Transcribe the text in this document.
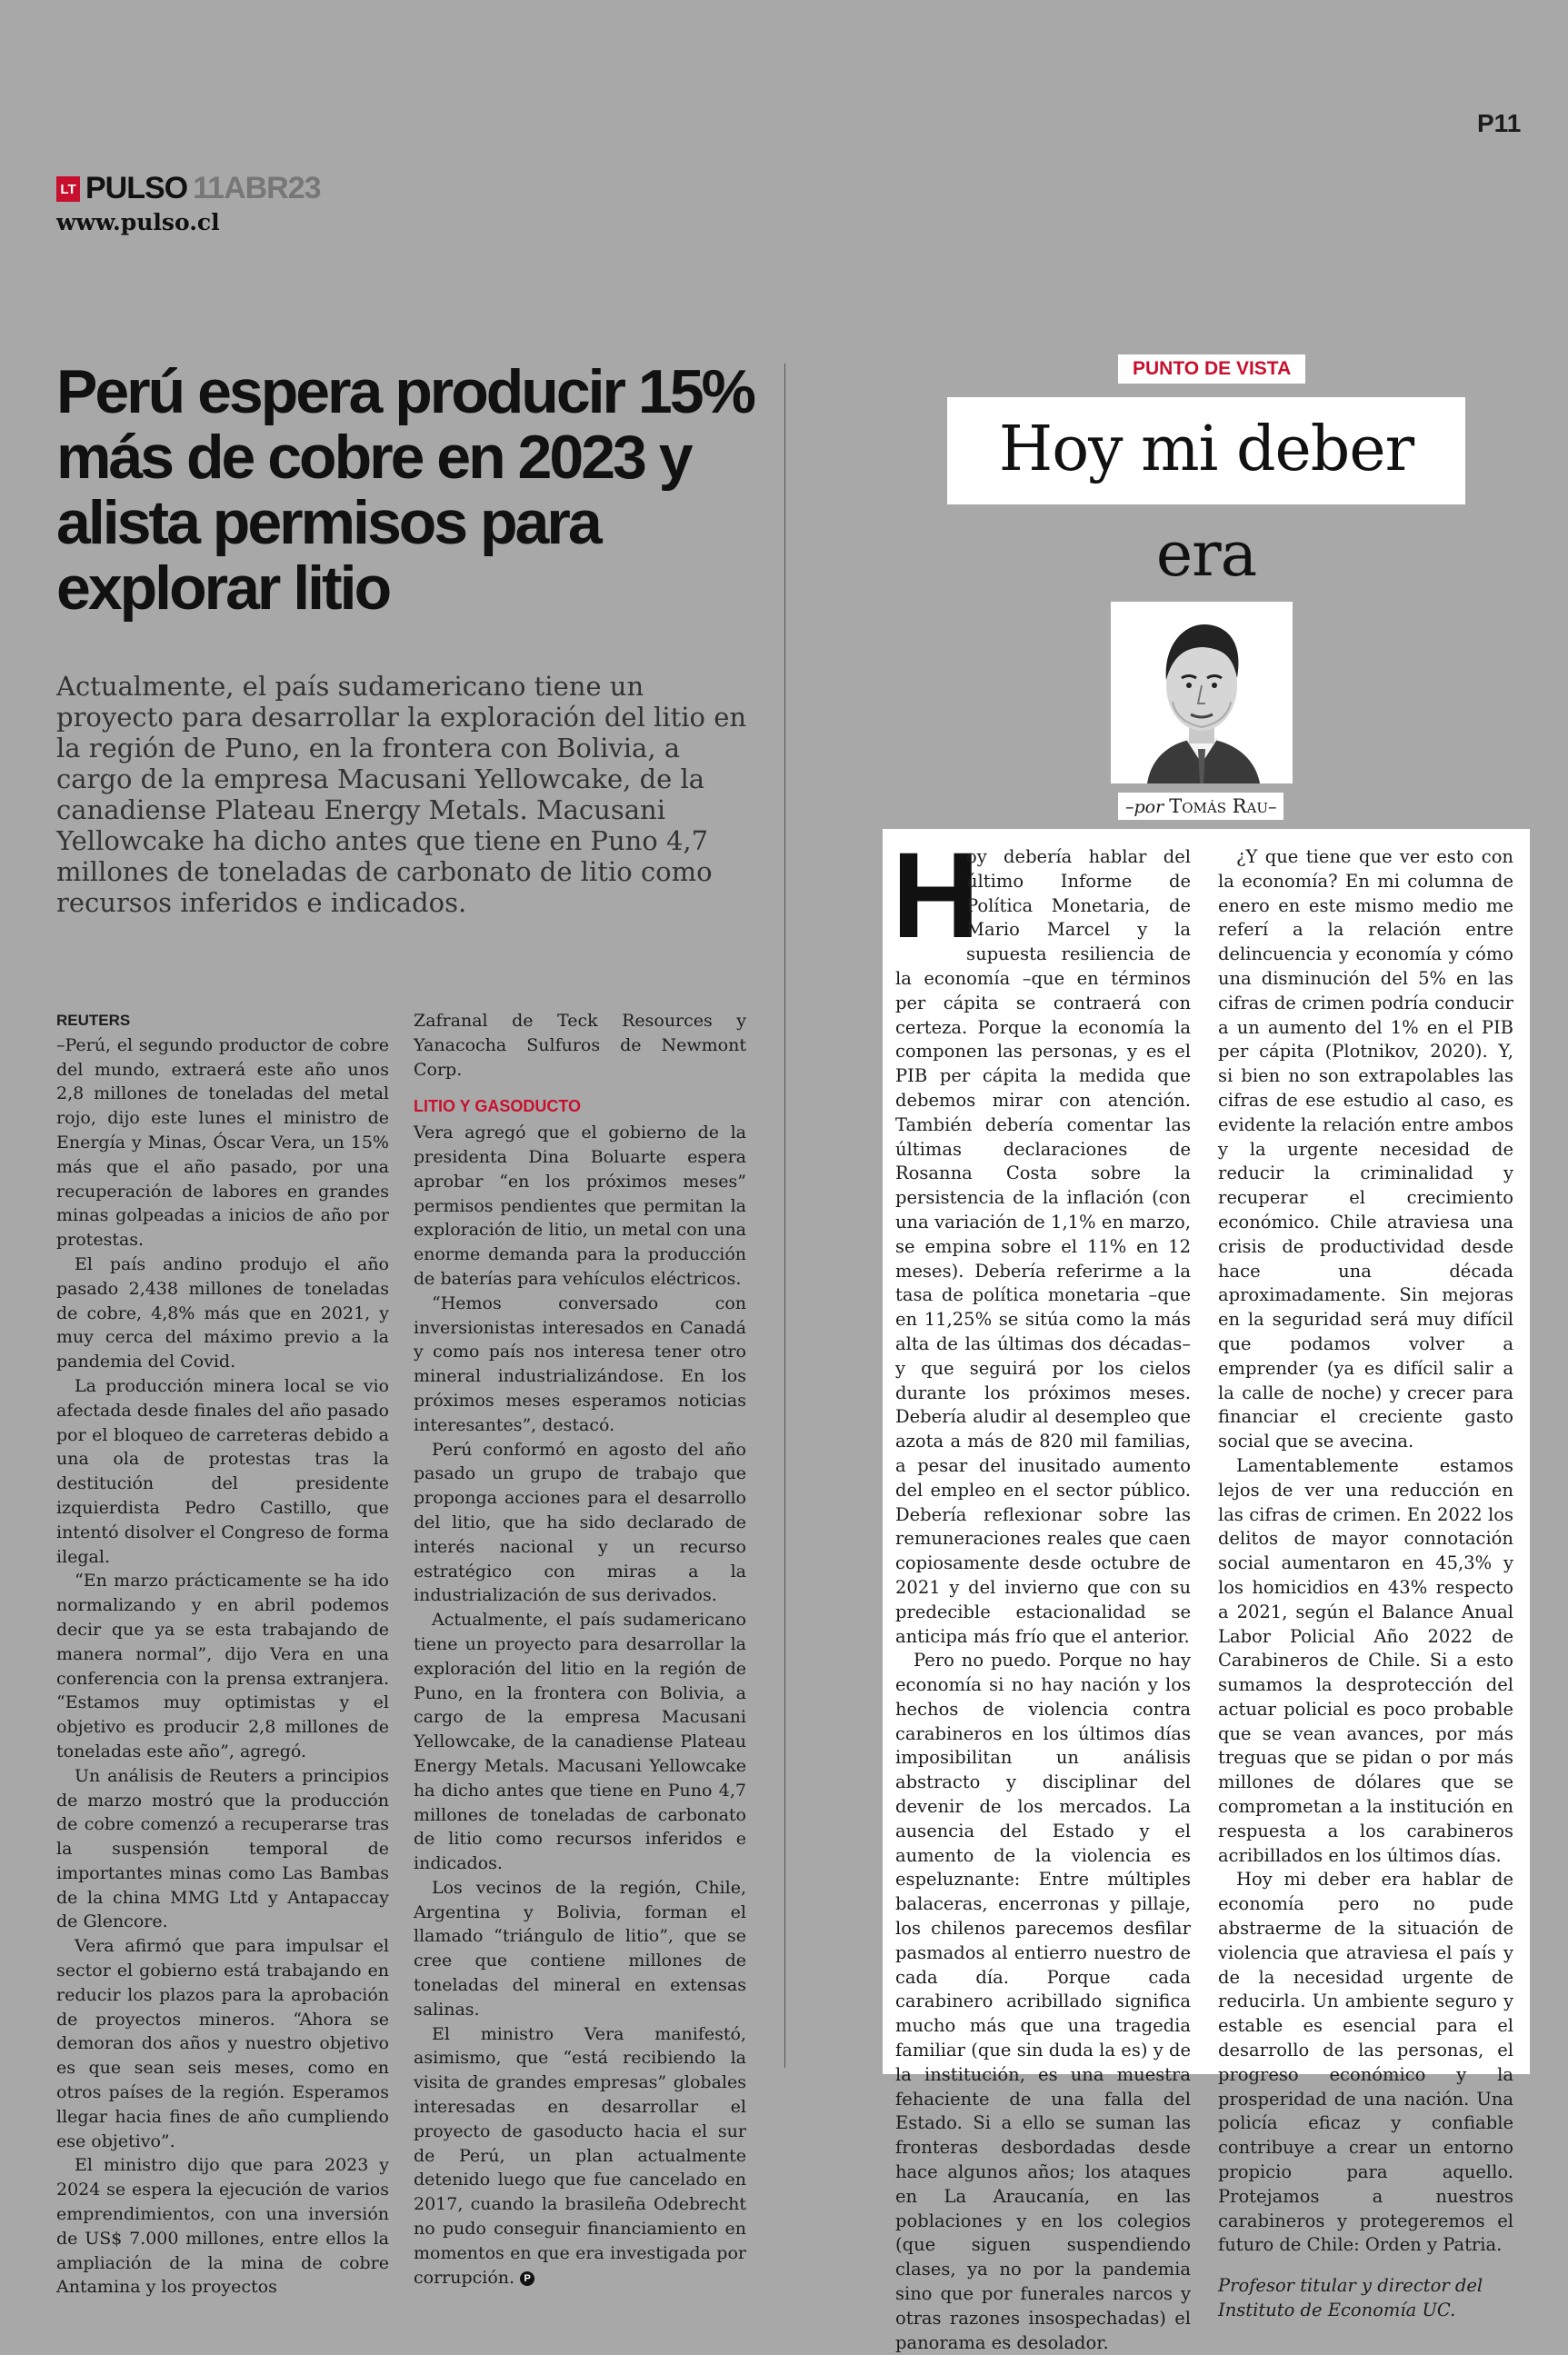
P11
LT PULSO 11ABR23
www.pulso.cl
Perú espera producir 15% más de cobre en 2023 y alista permisos para explorar litio

Actualmente, el país sudamericano tiene un proyecto para desarrollar la exploración del litio en la región de Puno, en la frontera con Bolivia, a cargo de la empresa Macusani Yellowcake, de la canadiense Plateau Energy Metals. Macusani Yellowcake ha dicho antes que tiene en Puno 4,7 millones de toneladas de carbonato de litio como recursos inferidos e indicados.

REUTERS

–Perú, el segundo productor de cobre del mundo, extraerá este año unos 2,8 millones de toneladas del metal rojo, dijo este lunes el ministro de Energía y Minas, Óscar Vera, un 15% más que el año pasado, por una recuperación de labores en grandes minas golpeadas a inicios de año por protestas.

El país andino produjo el año pasado 2,438 millones de toneladas de cobre, 4,8% más que en 2021, y muy cerca del máximo previo a la pandemia del Covid.

La producción minera local se vio afectada desde finales del año pasado por el bloqueo de carreteras debido a una ola de protestas tras la destitución del presidente izquierdista Pedro Castillo, que intentó disolver el Congreso de forma ilegal.

“En marzo prácticamente se ha ido normalizando y en abril podemos decir que ya se esta trabajando de manera normal”, dijo Vera en una conferencia con la prensa extranjera. “Estamos muy optimistas y el objetivo es producir 2,8 millones de toneladas este año”, agregó.

Un análisis de Reuters a principios de marzo mostró que la producción de cobre comenzó a recuperarse tras la suspensión temporal de importantes minas como Las Bambas de la china MMG Ltd y Antapaccay de Glencore.

Vera afirmó que para impulsar el sector el gobierno está trabajando en reducir los plazos para la aprobación de proyectos mineros. “Ahora se demoran dos años y nuestro objetivo es que sean seis meses, como en otros países de la región. Esperamos llegar hacia fines de año cumpliendo ese objetivo”.

El ministro dijo que para 2023 y 2024 se espera la ejecución de varios emprendimientos, con una inversión de US$ 7.000 millones, entre ellos la ampliación de la mina de cobre Antamina y los proyectos

Zafranal de Teck Resources y Yanacocha Sulfuros de Newmont Corp.

LITIO Y GASODUCTO

Vera agregó que el gobierno de la presidenta Dina Boluarte espera aprobar “en los próximos meses” permisos pendientes que permitan la exploración de litio, un metal con una enorme demanda para la producción de baterías para vehículos eléctricos.

“Hemos conversado con inversionistas interesados en Canadá y como país nos interesa tener otro mineral industrializándose. En los próximos meses esperamos noticias interesantes”, destacó.

Perú conformó en agosto del año pasado un grupo de trabajo que proponga acciones para el desarrollo del litio, que ha sido declarado de interés nacional y un recurso estratégico con miras a la industrialización de sus derivados.

Actualmente, el país sudamericano tiene un proyecto para desarrollar la exploración del litio en la región de Puno, en la frontera con Bolivia, a cargo de la empresa Macusani Yellowcake, de la canadiense Plateau Energy Metals. Macusani Yellowcake ha dicho antes que tiene en Puno 4,7 millones de toneladas de carbonato de litio como recursos inferidos e indicados.

Los vecinos de la región, Chile, Argentina y Bolivia, forman el llamado “triángulo de litio”, que se cree que contiene millones de toneladas del mineral en extensas salinas.

El ministro Vera manifestó, asimismo, que “está recibiendo la visita de grandes empresas” globales interesadas en desarrollar el proyecto de gasoducto hacia el sur de Perú, un plan actualmente detenido luego que fue cancelado en 2017, cuando la brasileña Odebrecht no pudo conseguir financiamiento en momentos en que era investigada por corrupción. P

PUNTO DE VISTA
Hoy mi deber era
–por Tomás Rau–

H
oy debería hablar del último Informe de Política Monetaria, de Mario Marcel y la supuesta resiliencia de la economía –que en términos per cápita se contraerá con certeza. Porque la economía la componen las personas, y es el PIB per cápita la medida que debemos mirar con atención. También debería comentar las últimas declaraciones de Rosanna Costa sobre la persistencia de la inflación (con una variación de 1,1% en marzo, se empina sobre el 11% en 12 meses). Debería referirme a la tasa de política monetaria –que en 11,25% se sitúa como la más alta de las últimas dos décadas– y que seguirá por los cielos durante los próximos meses. Debería aludir al desempleo que azota a más de 820 mil familias, a pesar del inusitado aumento del empleo en el sector público. Debería reflexionar sobre las remuneraciones reales que caen copiosamente desde octubre de 2021 y del invierno que con su predecible estacionalidad se anticipa más frío que el anterior.

Pero no puedo. Porque no hay economía si no hay nación y los hechos de violencia contra carabineros en los últimos días imposibilitan un análisis abstracto y disciplinar del devenir de los mercados. La ausencia del Estado y el aumento de la violencia es espeluznante: Entre múltiples balaceras, encerronas y pillaje, los chilenos parecemos desfilar pasmados al entierro nuestro de cada día. Porque cada carabinero acribillado significa mucho más que una tragedia familiar (que sin duda la es) y de la institución, es una muestra fehaciente de una falla del Estado. Si a ello se suman las fronteras desbordadas desde hace algunos años; los ataques en La Araucanía, en las poblaciones y en los colegios (que siguen suspendiendo clases, ya no por la pandemia sino que por funerales narcos y otras razones insospechadas) el panorama es desolador.

¿Y que tiene que ver esto con la economía? En mi columna de enero en este mismo medio me referí a la relación entre delincuencia y economía y cómo una disminución del 5% en las cifras de crimen podría conducir a un aumento del 1% en el PIB per cápita (Plotnikov, 2020). Y, si bien no son extrapolables las cifras de ese estudio al caso, es evidente la relación entre ambos y la urgente necesidad de reducir la criminalidad y recuperar el crecimiento económico. Chile atraviesa una crisis de productividad desde hace una década aproximadamente. Sin mejoras en la seguridad será muy difícil que podamos volver a emprender (ya es difícil salir a la calle de noche) y crecer para financiar el creciente gasto social que se avecina.

Lamentablemente estamos lejos de ver una reducción en las cifras de crimen. En 2022 los delitos de mayor connotación social aumentaron en 45,3% y los homicidios en 43% respecto a 2021, según el Balance Anual Labor Policial Año 2022 de Carabineros de Chile. Si a esto sumamos la desprotección del actuar policial es poco probable que se vean avances, por más treguas que se pidan o por más millones de dólares que se comprometan a la institución en respuesta a los carabineros acribillados en los últimos días.

Hoy mi deber era hablar de economía pero no pude abstraerme de la situación de violencia que atraviesa el país y de la necesidad urgente de reducirla. Un ambiente seguro y estable es esencial para el desarrollo de las personas, el progreso económico y la prosperidad de una nación. Una policía eficaz y confiable contribuye a crear un entorno propicio para aquello. Protejamos a nuestros carabineros y protegeremos el futuro de Chile: Orden y Patria.

Profesor titular y director del Instituto de Economía UC.
